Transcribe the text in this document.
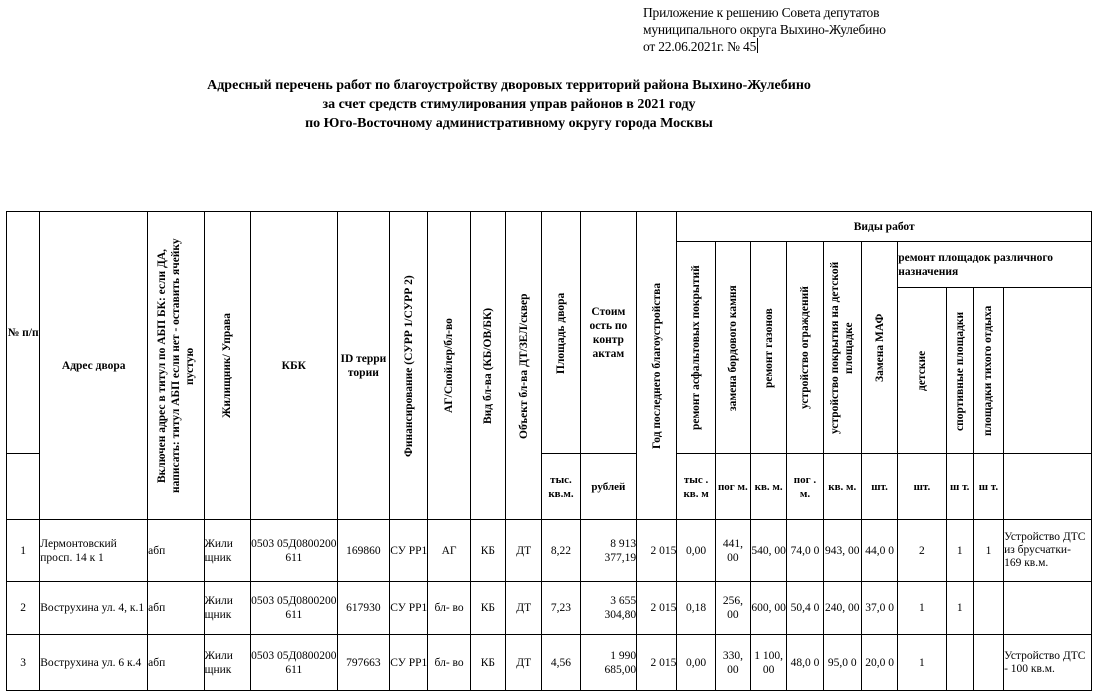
Приложение к решению Совета депутатов
муниципального округа Выхино-Жулебино
от 22.06.2021г. № 45
Адресный перечень работ по благоустройству дворовых территорий района Выхино-Жулебино
за счет средств стимулирования управ районов в 2021 году
по Юго-Восточному административному округу города Москвы
№ п/п	Адрес двора	Включен адрес в титул по АБП БК: если ДА, написать: титул АБП если нет - оставить ячейку пустую	Жилищник/ Управа	КБК	ID терри тории	Финансирование (СУРР 1/СУРР 2)	АГ/Спойлер/бл-во	Вид бл-ва (КБ/ОВ/БК)	Объект бл-ва ДТ/ЗЕЛ/сквер	Площадь двора	Стоим ость по контр актам	Год последнего благоустройства	Виды работ									

													ремонт асфальтовых покрытий	замена бордового камня	ремонт газонов	устройство ограждений	устройство покрытия на детской площадке	Замена МАФ	ремонт площадок различного назначения			

																			детские	спортивные площадки	площадки тихого отдыха	

										тыс. кв.м.	рублей		тыс . кв. м	пог м.	кв. м.	пог . м.	кв. м.	шт.	шт.	ш т.	ш т.	
1	Лермонтовский просп. 14 к 1	абп	Жили щник	0503 05Д0800200 611	169860	СУ РР1	АГ	КБ	ДТ	8,22	8 913 377,19	2 015	0,00	441, 00	540, 00	74,0 0	943, 00	44,0 0	2	1	1	Устройство ДТС из брусчатки- 169 кв.м.
2	Вострухина ул. 4, к.1	абп	Жили щник	0503 05Д0800200 611	617930	СУ РР1	бл- во	КБ	ДТ	7,23	3 655 304,80	2 015	0,18	256, 00	600, 00	50,4 0	240, 00	37,0 0	1	1		
3	Вострухина ул. 6 к.4	абп	Жили щник	0503 05Д0800200 611	797663	СУ РР1	бл- во	КБ	ДТ	4,56	1 990 685,00	2 015	0,00	330, 00	1 100, 00	48,0 0	95,0 0	20,0 0	1			Устройство ДТС - 100 кв.м.
